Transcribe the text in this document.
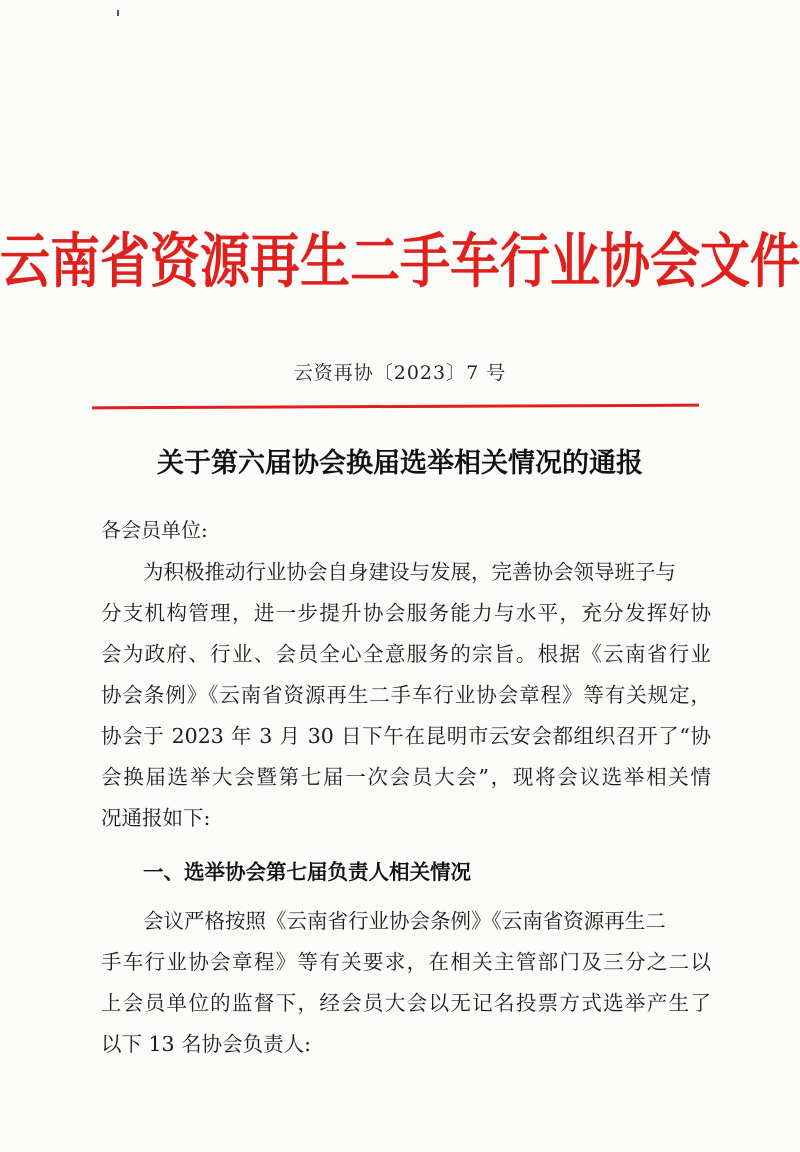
云南省资源再生二手车行业协会文件
云资再协〔2023〕7 号
关于第六届协会换届选举相关情况的通报
各会员单位:
为积极推动行业协会自身建设与发展，完善协会领导班子与
分支机构管理，进一步提升协会服务能力与水平，充分发挥好协
会为政府、行业、会员全心全意服务的宗旨。根据《云南省行业
协会条例》《云南省资源再生二手车行业协会章程》等有关规定，
协会于 2023 年 3 月 30 日下午在昆明市云安会都组织召开了“协
会换届选举大会暨第七届一次会员大会”，现将会议选举相关情
况通报如下:
一、选举协会第七届负责人相关情况
会议严格按照《云南省行业协会条例》《云南省资源再生二
手车行业协会章程》等有关要求，在相关主管部门及三分之二以
上会员单位的监督下，经会员大会以无记名投票方式选举产生了
以下 13 名协会负责人:
